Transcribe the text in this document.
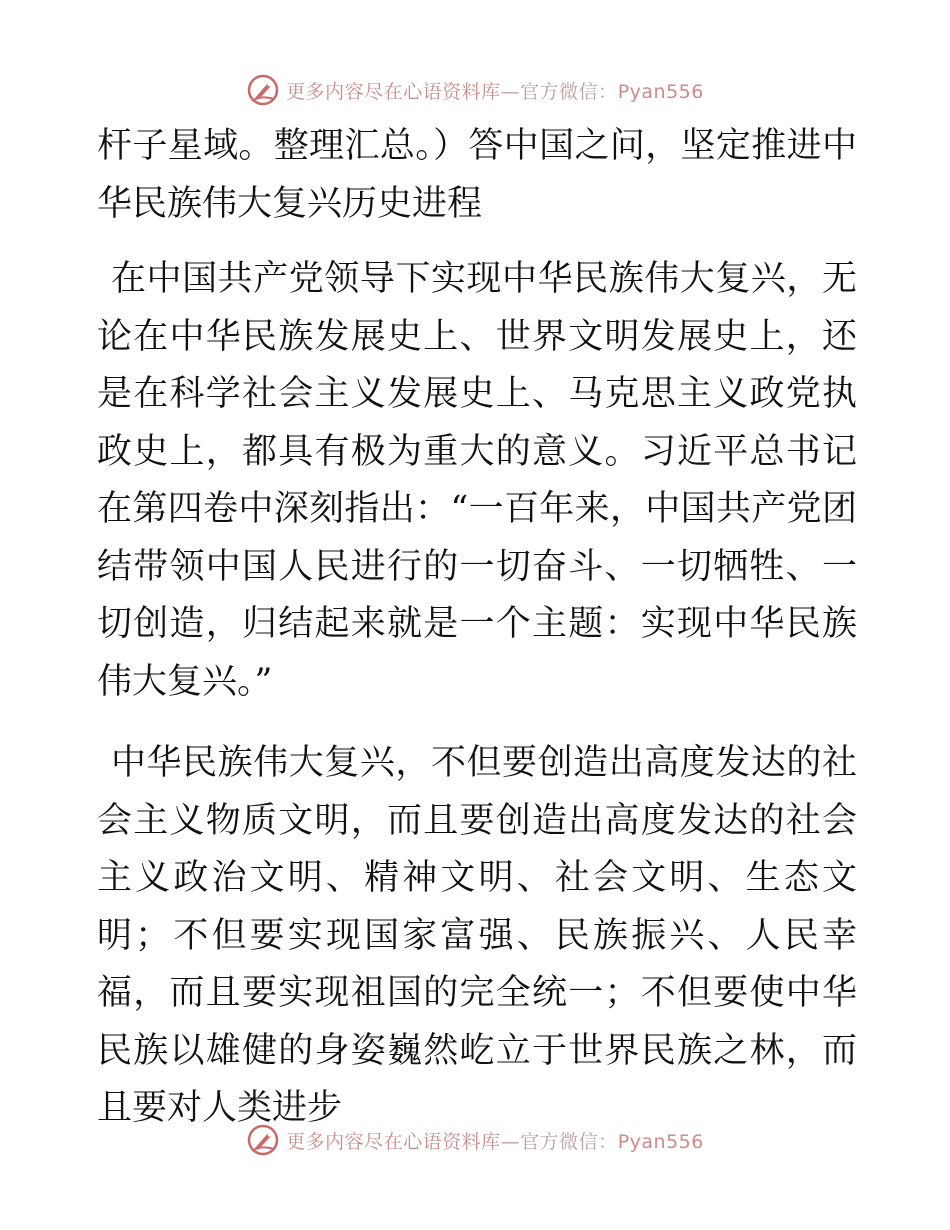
更多内容尽在心语资料库—官方微信：Pyan556

杆子星域。整理汇总。）答中国之问，坚定推进中华民族伟大复兴历史进程

在中国共产党领导下实现中华民族伟大复兴，无论在中华民族发展史上、世界文明发展史上，还是在科学社会主义发展史上、马克思主义政党执政史上，都具有极为重大的意义。习近平总书记在第四卷中深刻指出：“一百年来，中国共产党团结带领中国人民进行的一切奋斗、一切牺牲、一切创造，归结起来就是一个主题：实现中华民族伟大复兴。”

中华民族伟大复兴，不但要创造出高度发达的社会主义物质文明，而且要创造出高度发达的社会主义政治文明、精神文明、社会文明、生态文明；不但要实现国家富强、民族振兴、人民幸福，而且要实现祖国的完全统一；不但要使中华民族以雄健的身姿巍然屹立于世界民族之林，而且要对人类进步

更多内容尽在心语资料库—官方微信：Pyan556
